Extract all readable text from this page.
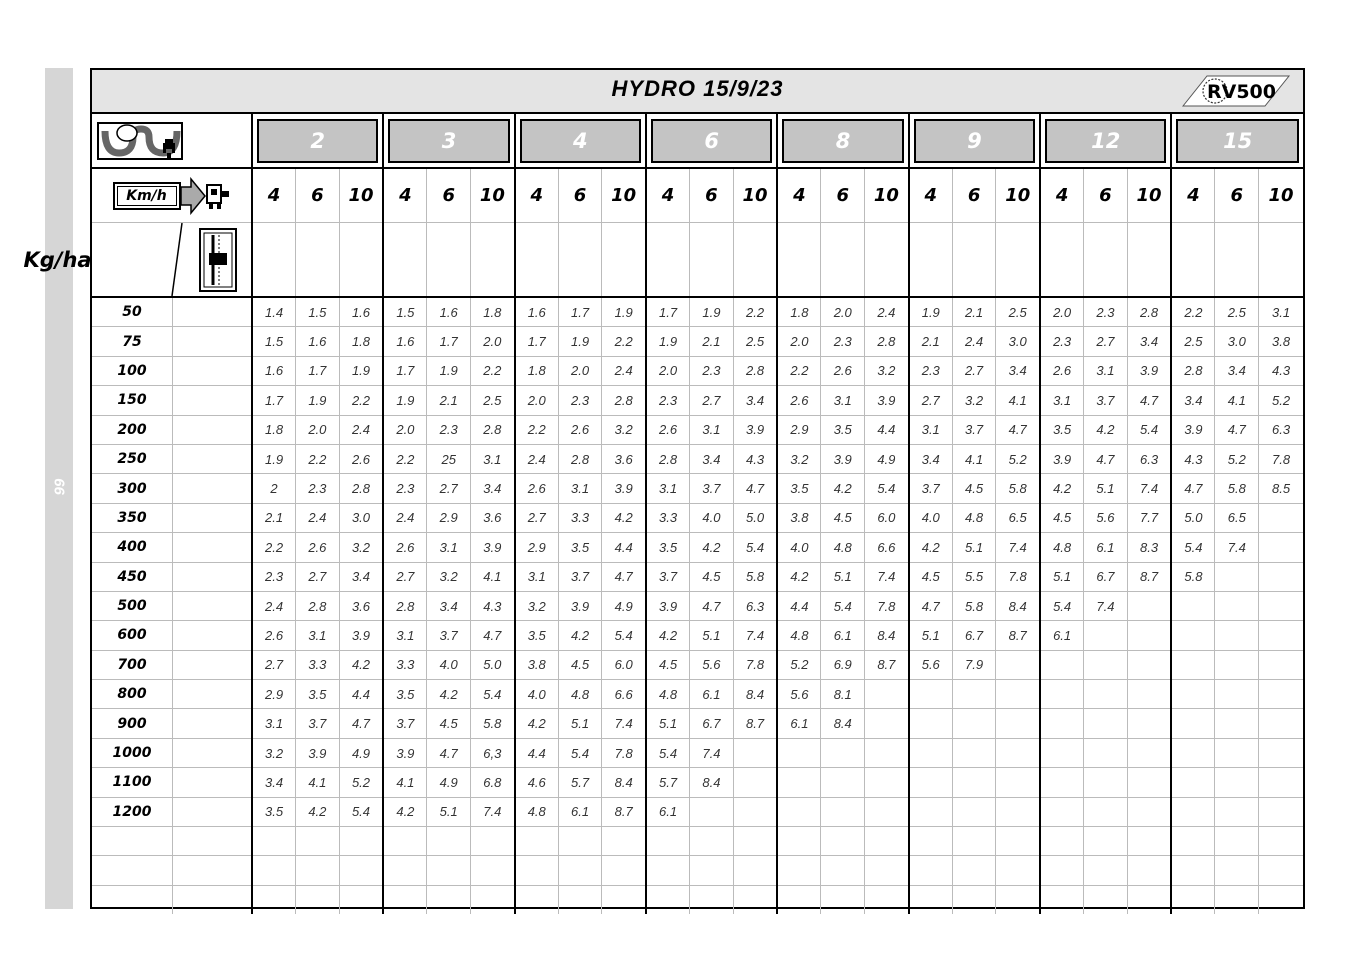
66
HYDRO 15/9/23	RV500

2			3			4			6			8			9			12			15		

Km/h		4	6	10	4	6	10	4	6	10	4	6	10	4	6	10	4	6	10	4	6	10	4	6	10

Kg/ha																									

50		1.4	1.5	1.6	1.5	1.6	1.8	1.6	1.7	1.9	1.7	1.9	2.2	1.8	2.0	2.4	1.9	2.1	2.5	2.0	2.3	2.8	2.2	2.5	3.1
75		1.5	1.6	1.8	1.6	1.7	2.0	1.7	1.9	2.2	1.9	2.1	2.5	2.0	2.3	2.8	2.1	2.4	3.0	2.3	2.7	3.4	2.5	3.0	3.8
100		1.6	1.7	1.9	1.7	1.9	2.2	1.8	2.0	2.4	2.0	2.3	2.8	2.2	2.6	3.2	2.3	2.7	3.4	2.6	3.1	3.9	2.8	3.4	4.3
150		1.7	1.9	2.2	1.9	2.1	2.5	2.0	2.3	2.8	2.3	2.7	3.4	2.6	3.1	3.9	2.7	3.2	4.1	3.1	3.7	4.7	3.4	4.1	5.2
200		1.8	2.0	2.4	2.0	2.3	2.8	2.2	2.6	3.2	2.6	3.1	3.9	2.9	3.5	4.4	3.1	3.7	4.7	3.5	4.2	5.4	3.9	4.7	6.3
250		1.9	2.2	2.6	2.2	25	3.1	2.4	2.8	3.6	2.8	3.4	4.3	3.2	3.9	4.9	3.4	4.1	5.2	3.9	4.7	6.3	4.3	5.2	7.8
300		2	2.3	2.8	2.3	2.7	3.4	2.6	3.1	3.9	3.1	3.7	4.7	3.5	4.2	5.4	3.7	4.5	5.8	4.2	5.1	7.4	4.7	5.8	8.5
350		2.1	2.4	3.0	2.4	2.9	3.6	2.7	3.3	4.2	3.3	4.0	5.0	3.8	4.5	6.0	4.0	4.8	6.5	4.5	5.6	7.7	5.0	6.5	
400		2.2	2.6	3.2	2.6	3.1	3.9	2.9	3.5	4.4	3.5	4.2	5.4	4.0	4.8	6.6	4.2	5.1	7.4	4.8	6.1	8.3	5.4	7.4	
450		2.3	2.7	3.4	2.7	3.2	4.1	3.1	3.7	4.7	3.7	4.5	5.8	4.2	5.1	7.4	4.5	5.5	7.8	5.1	6.7	8.7	5.8		
500		2.4	2.8	3.6	2.8	3.4	4.3	3.2	3.9	4.9	3.9	4.7	6.3	4.4	5.4	7.8	4.7	5.8	8.4	5.4	7.4				
600		2.6	3.1	3.9	3.1	3.7	4.7	3.5	4.2	5.4	4.2	5.1	7.4	4.8	6.1	8.4	5.1	6.7	8.7	6.1					
700		2.7	3.3	4.2	3.3	4.0	5.0	3.8	4.5	6.0	4.5	5.6	7.8	5.2	6.9	8.7	5.6	7.9							
800		2.9	3.5	4.4	3.5	4.2	5.4	4.0	4.8	6.6	4.8	6.1	8.4	5.6	8.1										
900		3.1	3.7	4.7	3.7	4.5	5.8	4.2	5.1	7.4	5.1	6.7	8.7	6.1	8.4										
1000		3.2	3.9	4.9	3.9	4.7	6,3	4.4	5.4	7.8	5.4	7.4													
1100		3.4	4.1	5.2	4.1	4.9	6.8	4.6	5.7	8.4	5.7	8.4													
1200		3.5	4.2	5.4	4.2	5.1	7.4	4.8	6.1	8.7	6.1														
